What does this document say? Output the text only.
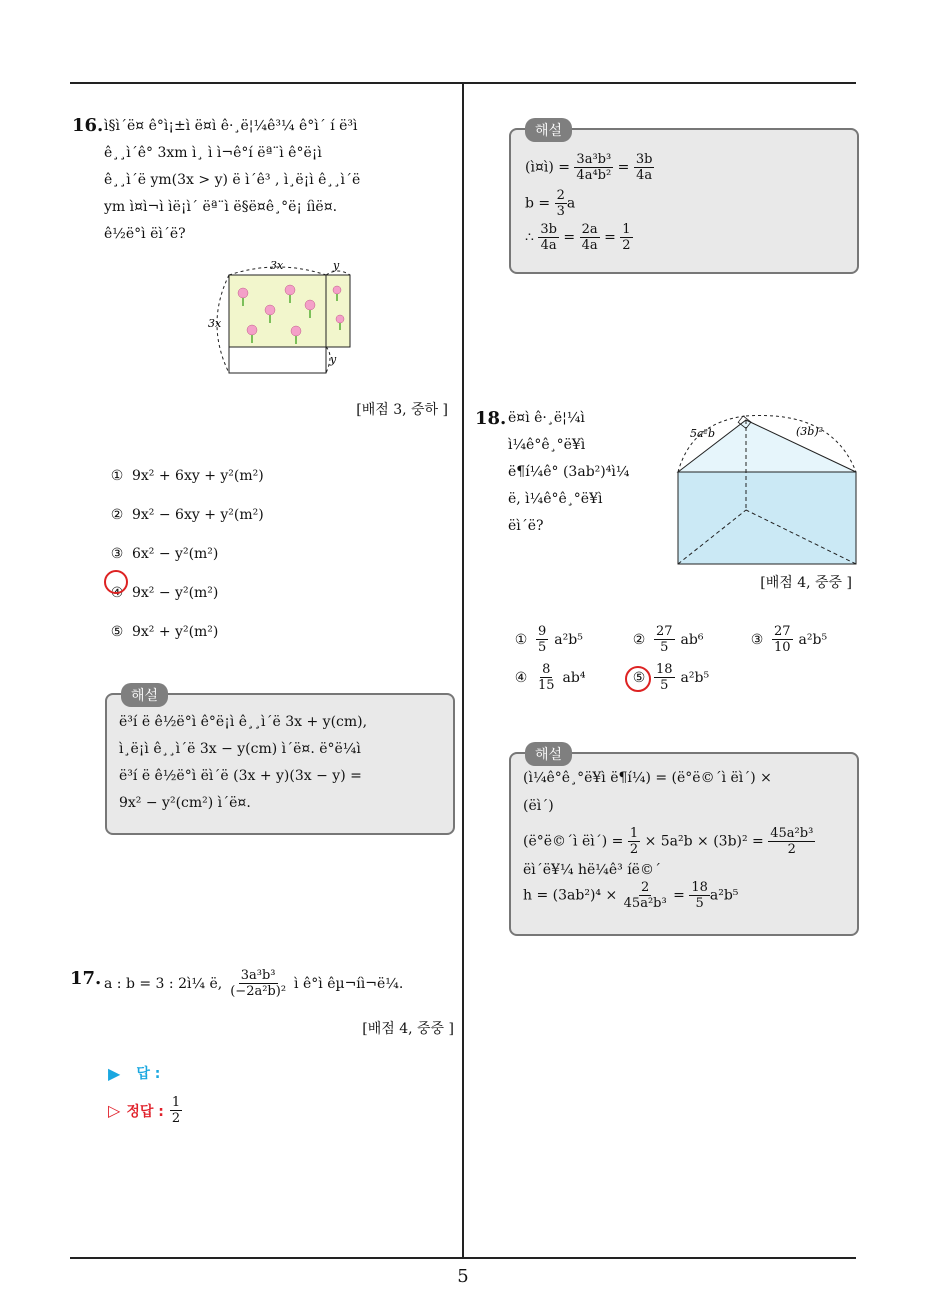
5
16. ì§ì´ë¤ ê°ì¡±ì ë¤ì ê·¸ë¦¼ê³¼ ê°ì´ í ë³ì
ê¸¸ì´ê° 3xm ì¸ ì ì¬ê°í ëª¨ì ê°ë¡ì
ê¸¸ì´ë ym(3x > y) ë ì´ê³ , ì¸ë¡ì ê¸¸ì´ë
ym ì¤ì¬ì ìë¡ì´ ëª¨ì ë§ë¤ê¸°ë¡ íìë¤.
ê½ë°ì ëì´ë?
3x	y
3x
y
[배점 3, 중하 ]
① 9x² + 6xy + y²(m²)
② 9x² − 6xy + y²(m²)
③ 6x² − y²(m²)
④ 9x² − y²(m²)
⑤ 9x² + y²(m²)
해설
ë³í ë ê½ë°ì ê°ë¡ì ê¸¸ì´ë 3x + y(cm),
ì¸ë¡ì ê¸¸ì´ë 3x − y(cm) ì´ë¤. ë°ë¼ì
ë³í ë ê½ë°ì ëì´ë (3x + y)(3x − y) =
9x² − y²(cm²) ì´ë¤.
17. a : b = 3 : 2ì¼ ë, $\frac{\text{3a³b³}}{\text{(−2a²b)²}}$ ì ê°ì êµ¬íì¬ë¼.
[배점 4, 중중 ]
▶ 답 :
▷ 정답 : $\frac{1}{2}$
해설
(ì¤ì) = $\frac{\text{3a³b³}}{\text{4a⁴b²}} = \frac{3b}{4a}$
$b = \frac{2}{3}$ a
∴ $\frac{3b}{4a} = \frac{2a}{4a} = \frac{1}{2}$
18. ë¤ì ê·¸ë¦¼ì
ì¼ê°ê¸°ë¥ì
ë¶í¼ê° (3ab²)⁴ì¼
ë, ì¼ê°ê¸°ë¥ì
ëì´ë?
5a²b	(3b)²
[배점 4, 중중 ]
① $\frac{9}{5} a^2b^5$	② $\frac{27}{5} ab^6$	③ $\frac{27}{10} a^2b^5$
④ $\frac{8}{15} ab^4$	⑤ $\frac{18}{5} a^2b^5$
해설
(ì¼ê°ê¸°ë¥ì ë¶í¼) = (ë°ë©´ì ëì´) ×
(ëì´)
(ë°ë©´ì ëì´) = $\frac{1}{2} \times 5a^2b \times (3b)^2 = \frac{\text{45a²b³}}{2}$
ëì´ë¥¼ hë¼ê³ íë©´
$h = (3ab^2)^4 \times \frac{2}{\text{45a²b³}} = \frac{18}{5} a^2b^5$
